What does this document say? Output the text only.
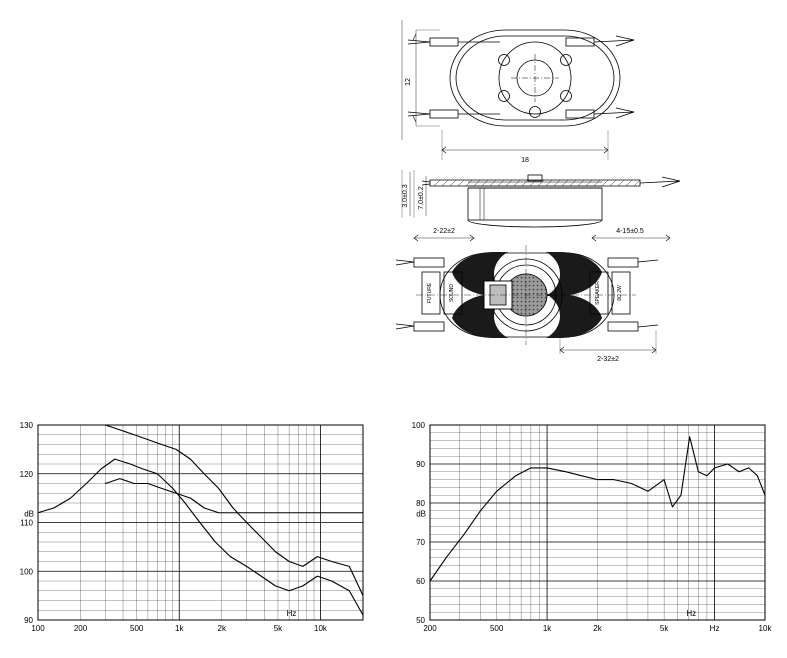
12
18
3.0±0.3 7.0±0.2
2-22±2	4-15±0.5
2-32±2
FUTURE	SOUND	SPEAKER	8Ω 2W
90
100
110
120
130
100	200	500	1k	2k	5k	10k
dB
Hz
50
60
70
80
90
100
200	500	1k	2k	5k	Hz	10k
dB
Hz
